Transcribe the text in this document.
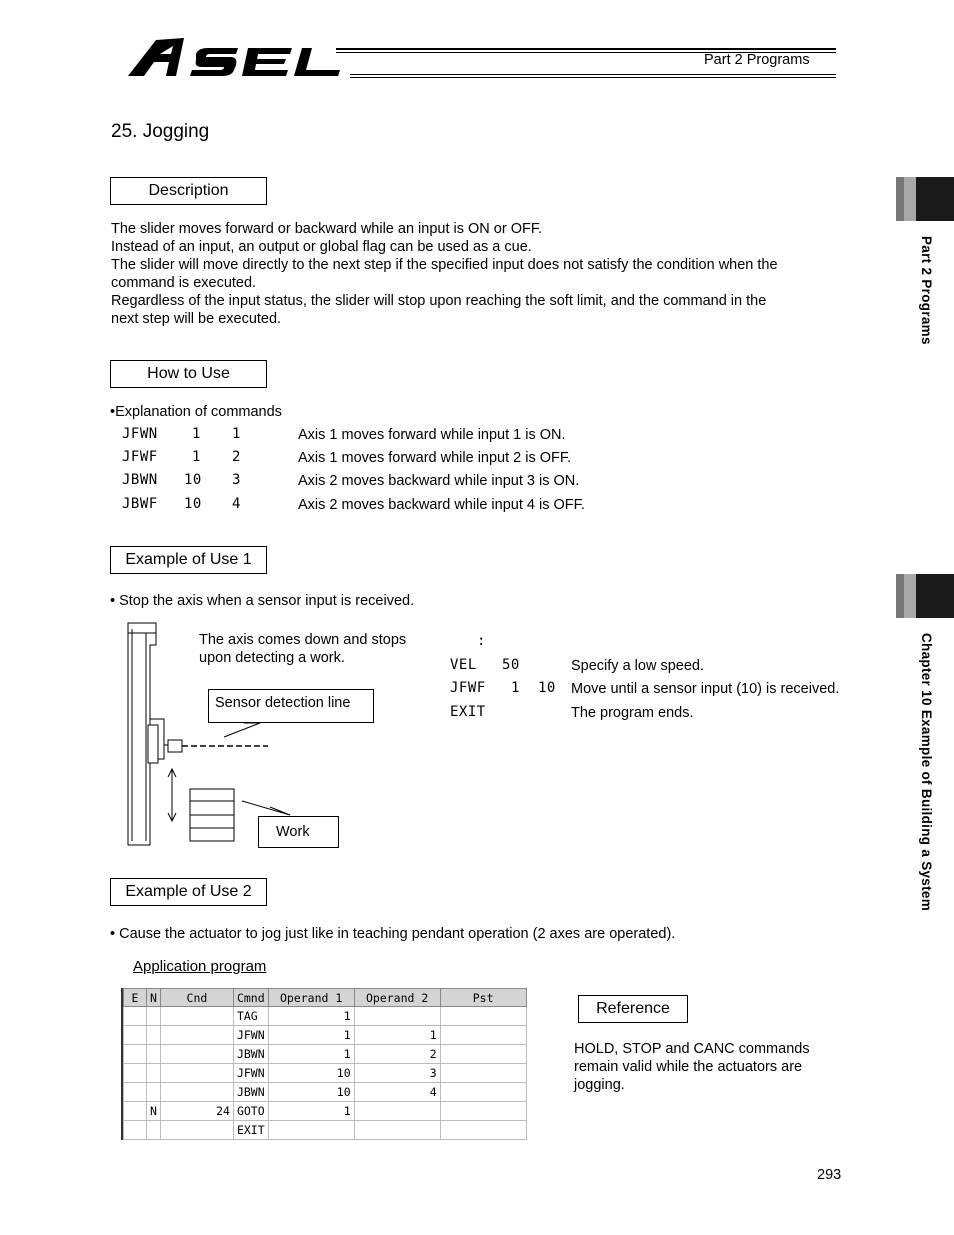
Part 2 Programs
25. Jogging
Part 2 Programs
Chapter 10 Example of Building a System
Description
The slider moves forward or backward while an input is ON or OFF.
Instead of an input, an output or global flag can be used as a cue.
The slider will move directly to the next step if the specified input does not satisfy the condition when the
command is executed.
Regardless of the input status, the slider will stop upon reaching the soft limit, and the command in the
next step will be executed.
How to Use
•Explanation of commands
JFWN 1 1	Axis 1 moves forward while input 1 is ON.
JFWF 1 2	Axis 1 moves forward while input 2 is OFF.
JBWN 10 3	Axis 2 moves backward while input 3 is ON.
JBWF 10 4	Axis 2 moves backward while input 4 is OFF.
Example of Use 1
• Stop the axis when a sensor input is received.
The axis comes down and stops
upon detecting a work.
Sensor detection line
Work
:
VEL 50	Specify a low speed.
JFWF 1 10 Move until a sensor input (10) is received.
EXIT	The program ends.
Example of Use 2
• Cause the actuator to jog just like in teaching pendant operation (2 axes are operated).
Application program
E	N	Cnd	Cmnd	Operand 1	Operand 2	Pst
			TAG	1		
			JFWN	1	1	
			JBWN	1	2	
			JFWN	10	3	
			JBWN	10	4	
	N	24	GOTO	1		
			EXIT			
Reference
HOLD, STOP and CANC commands
remain valid while the actuators are
jogging.
293
